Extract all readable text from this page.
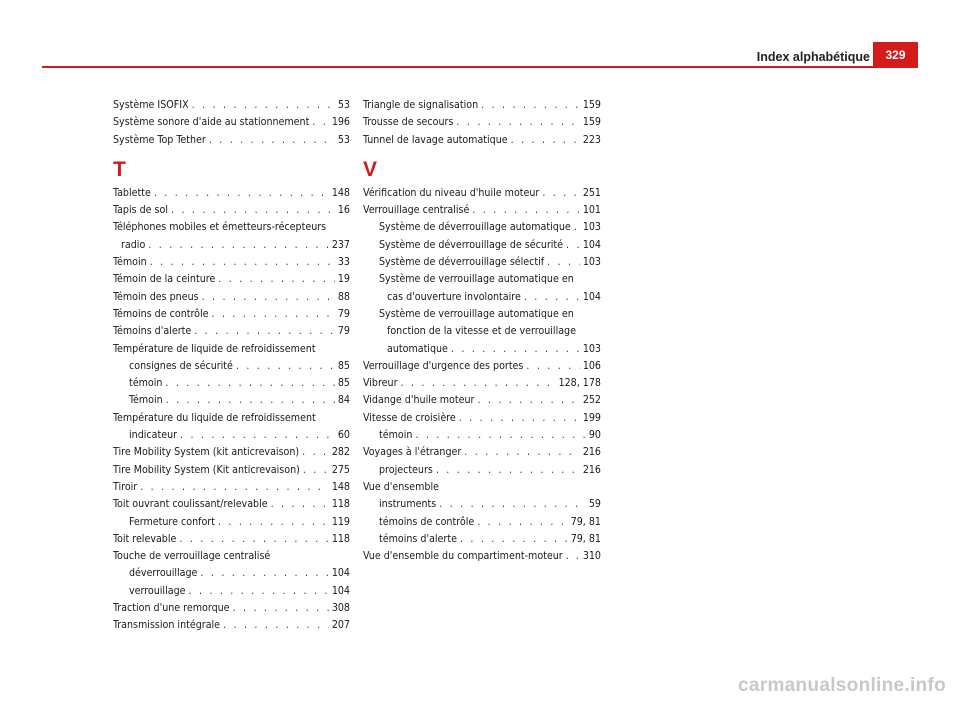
Index alphabétique	329
Système ISOFIX . . .	53
Système sonore d'aide au stationnement . . . 196
Système Top Tether . . .	53
T
Tablette . . .	148
Tapis de sol . . .	16
Téléphones mobiles et émetteurs-récepteurs
radio . . .	237
Témoin . . .	33
Témoin de la ceinture . . .	19
Témoin des pneus . . .	88
Témoins de contrôle . . .	79
Témoins d'alerte . . .	79
Température de liquide de refroidissement
consignes de sécurité . . .	85
témoin . . .	85
Témoin . . .	84
Température du liquide de refroidissement
indicateur . . .	60
Tire Mobility System (kit anticrevaison) . . .	282
Tire Mobility System (Kit anticrevaison) . . .	275
Tiroir . . .	148
Toit ouvrant coulissant/relevable . . .	118
Fermeture confort . . .	119
Toit relevable . . .	118
Touche de verrouillage centralisé
déverrouillage . . .	104
verrouillage . . .	104
Traction d'une remorque . . .	308
Transmission intégrale . . .	207
Triangle de signalisation . . .	159
Trousse de secours . . .	159
Tunnel de lavage automatique . . .	223
V
Vérification du niveau d'huile moteur . . .	251
Verrouillage centralisé . . .	101
Système de déverrouillage automatique . . . 103
Système de déverrouillage de sécurité . . . 104
Système de déverrouillage sélectif . . .	103
Système de verrouillage automatique en
cas d'ouverture involontaire . . .	104
Système de verrouillage automatique en
fonction de la vitesse et de verrouillage
automatique . . .	103
Verrouillage d'urgence des portes . . .	106
Vibreur . . .	128, 178
Vidange d'huile moteur . . .	252
Vitesse de croisière . . .	199
témoin . . .	90
Voyages à l'étranger . . .	216
projecteurs . . .	216
Vue d'ensemble
instruments . . .	59
témoins de contrôle . . .	79, 81
témoins d'alerte . . .	79, 81
Vue d'ensemble du compartiment-moteur . . . 310
carmanualsonline.info
